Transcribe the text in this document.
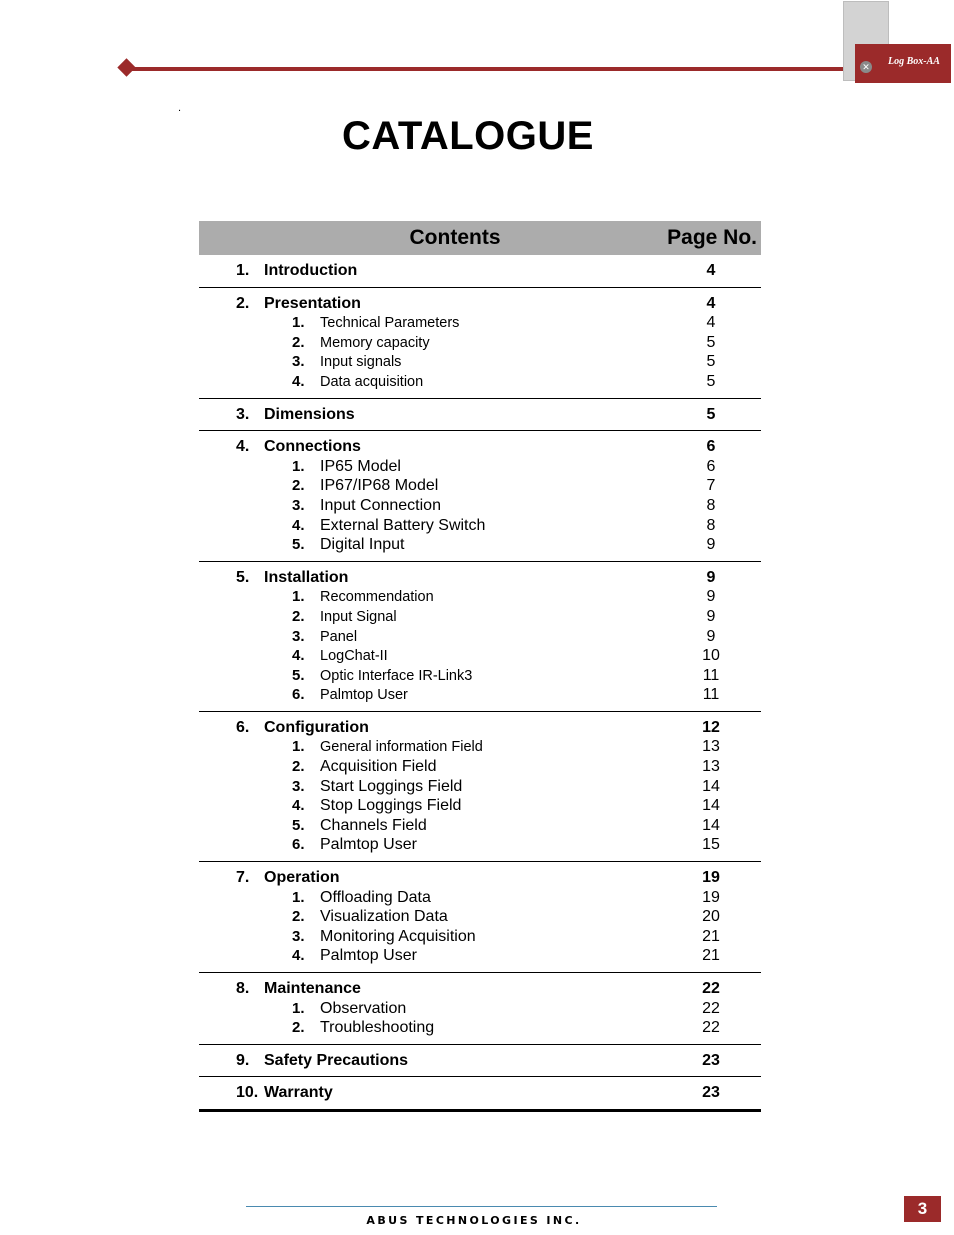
Log Box-AA
✕
.
CATALOGUE
Contents	Page No.
1. Introduction	4
2. Presentation	4
1. Technical Parameters	4
2. Memory capacity	5
3. Input signals	5
4. Data acquisition	5
3. Dimensions	5
4. Connections	6
1. IP65 Model	6
2. IP67/IP68 Model	7
3. Input Connection	8
4. External Battery Switch	8
5. Digital Input	9
5. Installation	9
1. Recommendation	9
2. Input Signal	9
3. Panel	9
4. LogChat-II	10
5. Optic Interface IR-Link3	11
6. Palmtop User	11
6. Configuration	12
1. General information Field	13
2. Acquisition Field	13
3. Start Loggings Field	14
4. Stop Loggings Field	14
5. Channels Field	14
6. Palmtop User	15
7. Operation	19
1. Offloading Data	19
2. Visualization Data	20
3. Monitoring Acquisition	21
4. Palmtop User	21
8. Maintenance	22
1. Observation	22
2. Troubleshooting	22
9. Safety Precautions	23
10. Warranty	23
ABUS TECHNOLOGIES INC.
3
